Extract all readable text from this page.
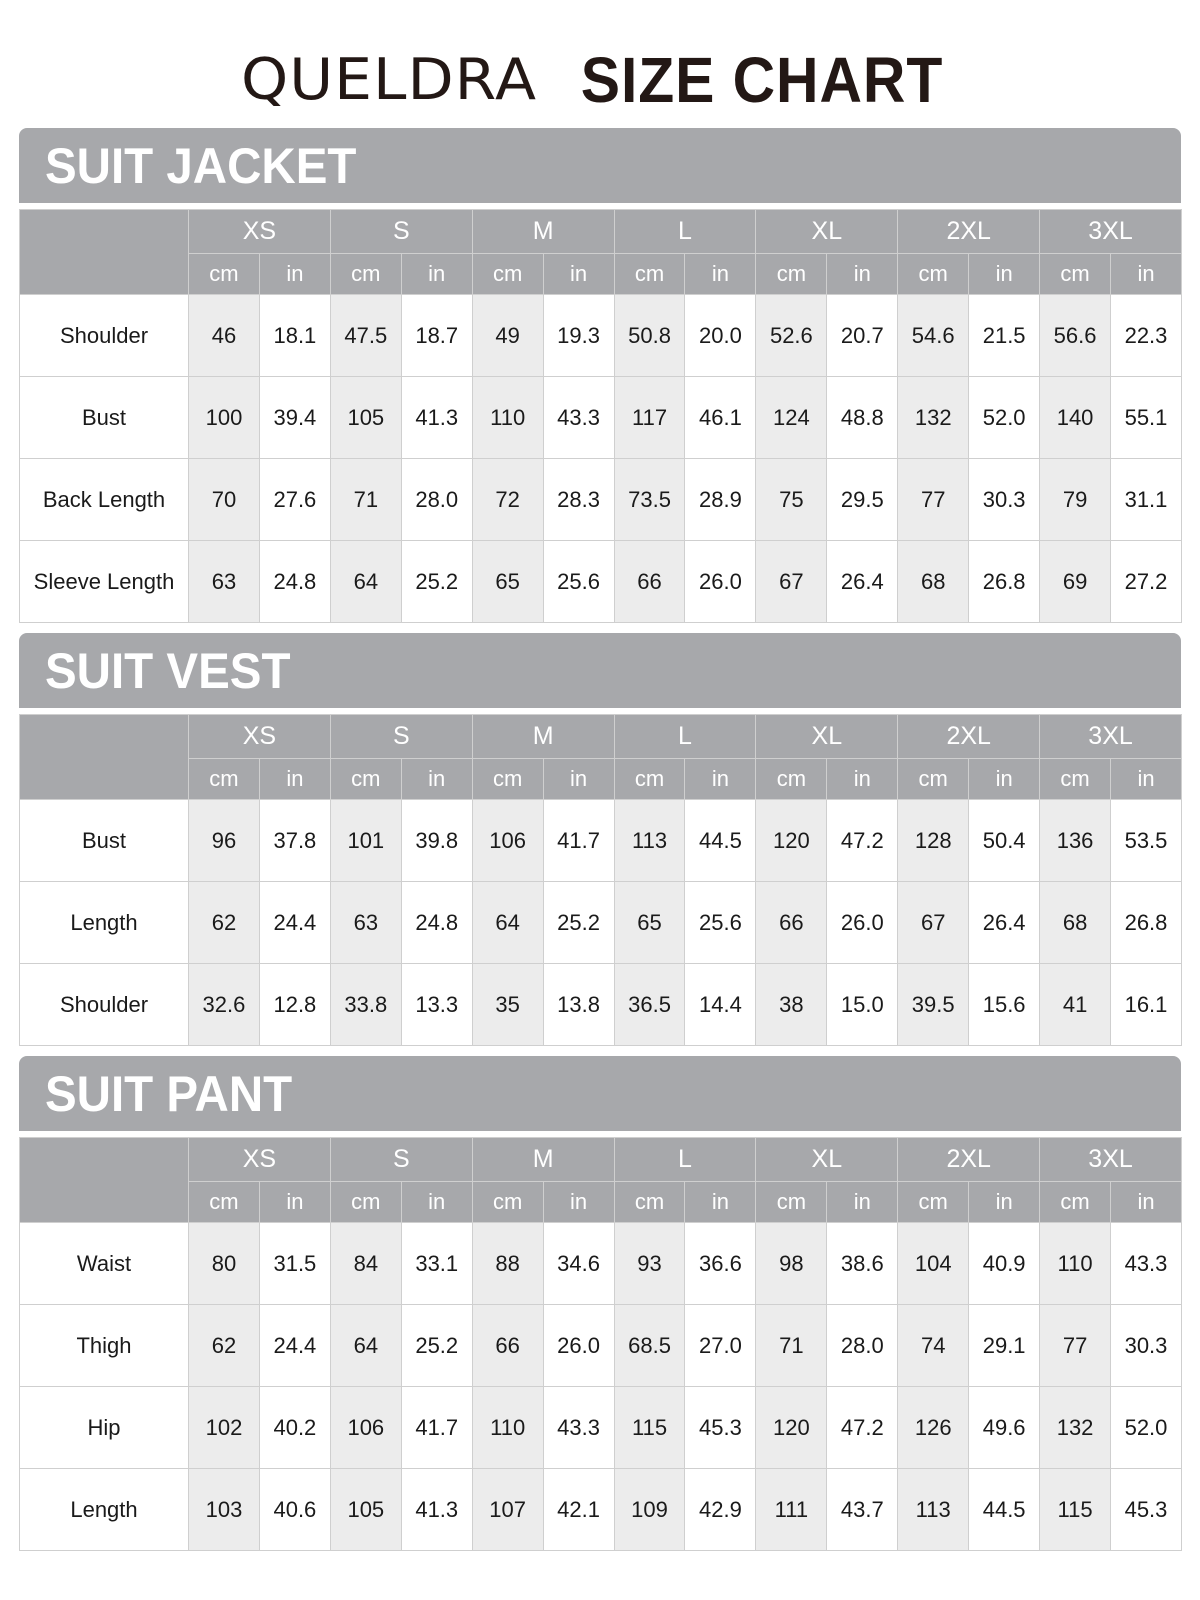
QUELDRA SIZE CHART
SUIT JACKET
	XS		S		M		L		XL		2XL		3XL	
	cm	in	cm	in	cm	in	cm	in	cm	in	cm	in	cm	in
Shoulder	46	18.1	47.5	18.7	49	19.3	50.8	20.0	52.6	20.7	54.6	21.5	56.6	22.3
Bust	100	39.4	105	41.3	110	43.3	117	46.1	124	48.8	132	52.0	140	55.1
Back Length	70	27.6	71	28.0	72	28.3	73.5	28.9	75	29.5	77	30.3	79	31.1
Sleeve Length	63	24.8	64	25.2	65	25.6	66	26.0	67	26.4	68	26.8	69	27.2
SUIT VEST
	XS		S		M		L		XL		2XL		3XL	
	cm	in	cm	in	cm	in	cm	in	cm	in	cm	in	cm	in
Bust	96	37.8	101	39.8	106	41.7	113	44.5	120	47.2	128	50.4	136	53.5
Length	62	24.4	63	24.8	64	25.2	65	25.6	66	26.0	67	26.4	68	26.8
Shoulder	32.6	12.8	33.8	13.3	35	13.8	36.5	14.4	38	15.0	39.5	15.6	41	16.1
SUIT PANT
	XS		S		M		L		XL		2XL		3XL	
	cm	in	cm	in	cm	in	cm	in	cm	in	cm	in	cm	in
Waist	80	31.5	84	33.1	88	34.6	93	36.6	98	38.6	104	40.9	110	43.3
Thigh	62	24.4	64	25.2	66	26.0	68.5	27.0	71	28.0	74	29.1	77	30.3
Hip	102	40.2	106	41.7	110	43.3	115	45.3	120	47.2	126	49.6	132	52.0
Length	103	40.6	105	41.3	107	42.1	109	42.9	111	43.7	113	44.5	115	45.3
